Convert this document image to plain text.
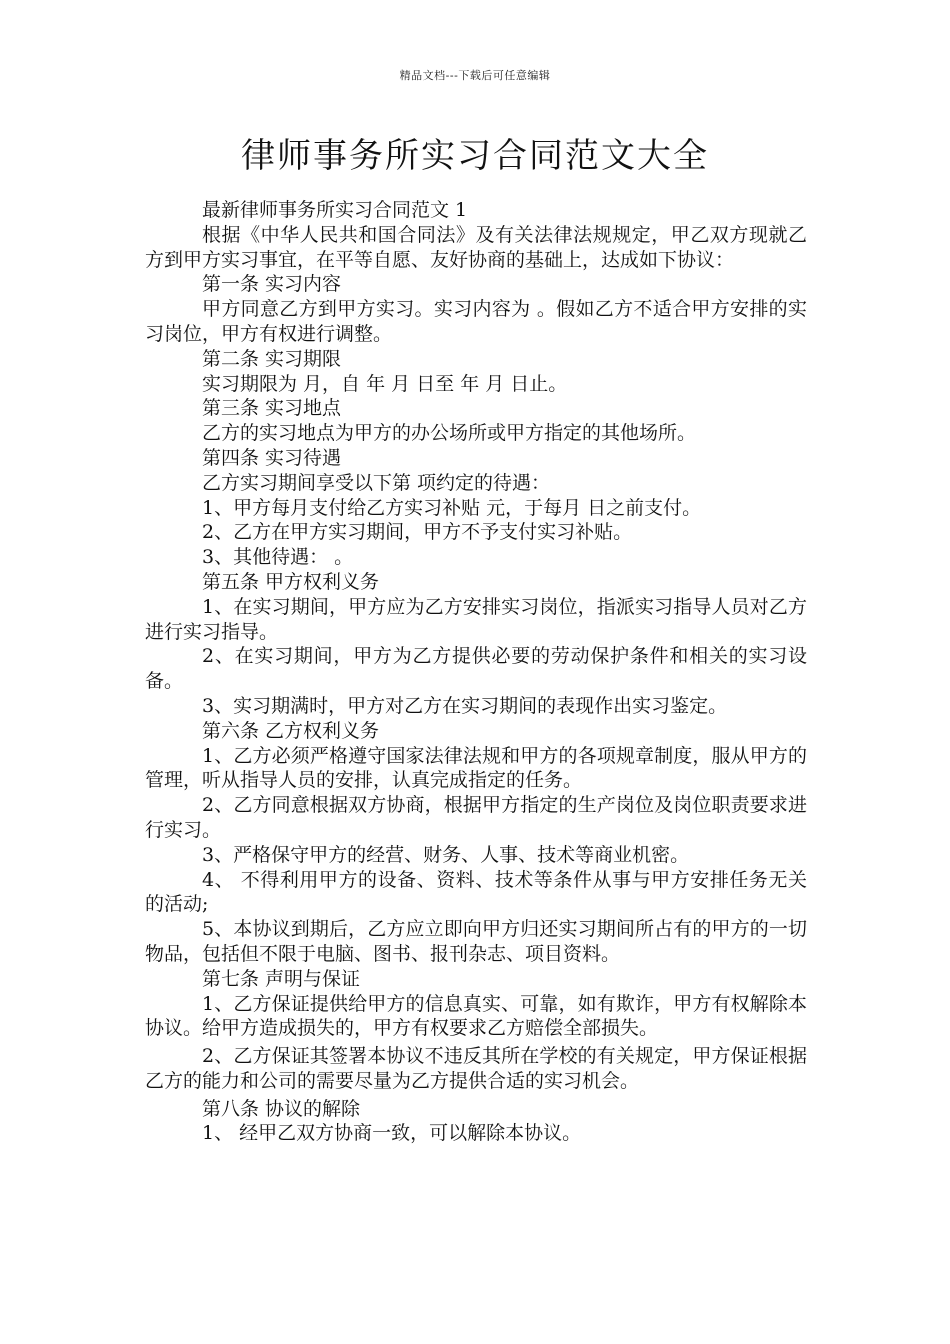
精品文档---下载后可任意编辑
律师事务所实习合同范文大全

最新律师事务所实习合同范文 1

根据《中华人民共和国合同法》及有关法律法规规定，甲乙双方现就乙方到甲方实习事宜，在平等自愿、友好协商的基础上，达成如下协议：

第一条 实习内容

甲方同意乙方到甲方实习。实习内容为 。假如乙方不适合甲方安排的实习岗位，甲方有权进行调整。

第二条 实习期限

实习期限为 月，自 年 月 日至 年 月 日止。

第三条 实习地点

乙方的实习地点为甲方的办公场所或甲方指定的其他场所。

第四条 实习待遇

乙方实习期间享受以下第 项约定的待遇：

1、甲方每月支付给乙方实习补贴 元，于每月 日之前支付。

2、乙方在甲方实习期间，甲方不予支付实习补贴。

3、其他待遇： 。

第五条 甲方权利义务

1、在实习期间，甲方应为乙方安排实习岗位，指派实习指导人员对乙方进行实习指导。

2、在实习期间，甲方为乙方提供必要的劳动保护条件和相关的实习设备。

3、实习期满时，甲方对乙方在实习期间的表现作出实习鉴定。

第六条 乙方权利义务

1、乙方必须严格遵守国家法律法规和甲方的各项规章制度，服从甲方的管理，听从指导人员的安排，认真完成指定的任务。

2、乙方同意根据双方协商，根据甲方指定的生产岗位及岗位职责要求进行实习。

3、严格保守甲方的经营、财务、人事、技术等商业机密。

4、 不得利用甲方的设备、资料、技术等条件从事与甲方安排任务无关的活动;

5、本协议到期后，乙方应立即向甲方归还实习期间所占有的甲方的一切物品，包括但不限于电脑、图书、报刊杂志、项目资料。

第七条 声明与保证

1、乙方保证提供给甲方的信息真实、可靠，如有欺诈，甲方有权解除本协议。给甲方造成损失的，甲方有权要求乙方赔偿全部损失。

2、乙方保证其签署本协议不违反其所在学校的有关规定，甲方保证根据乙方的能力和公司的需要尽量为乙方提供合适的实习机会。

第八条 协议的解除

1、 经甲乙双方协商一致，可以解除本协议。
